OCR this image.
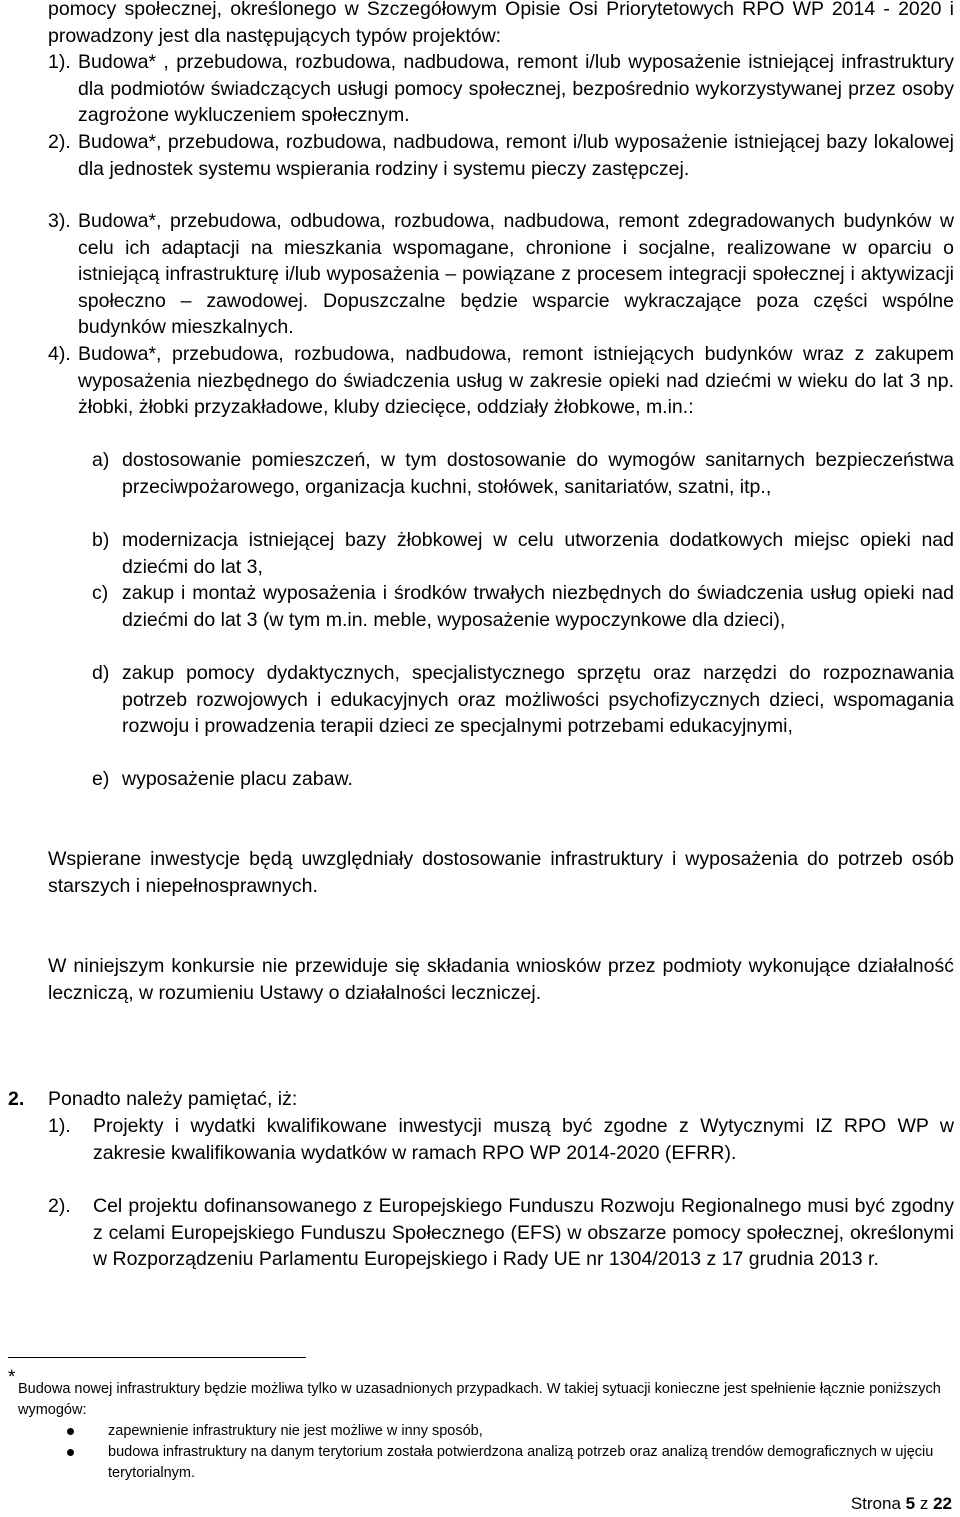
pomocy społecznej, określonego w Szczegółowym Opisie Osi Priorytetowych RPO WP 2014 - 2020 i prowadzony jest dla następujących typów projektów:
1). Budowa* , przebudowa, rozbudowa, nadbudowa, remont i/lub wyposażenie istniejącej infrastruktury dla podmiotów świadczących usługi pomocy społecznej, bezpośrednio wykorzystywanej przez osoby zagrożone wykluczeniem społecznym.
2). Budowa*, przebudowa, rozbudowa, nadbudowa, remont i/lub wyposażenie istniejącej bazy lokalowej dla jednostek systemu wspierania rodziny i systemu pieczy zastępczej.
3). Budowa*, przebudowa, odbudowa, rozbudowa, nadbudowa, remont zdegradowanych budynków w celu ich adaptacji na mieszkania wspomagane, chronione i socjalne, realizowane w oparciu o istniejącą infrastrukturę i/lub wyposażenia – powiązane z procesem integracji społecznej i aktywizacji społeczno – zawodowej. Dopuszczalne będzie wsparcie wykraczające poza części wspólne budynków mieszkalnych.
4). Budowa*, przebudowa, rozbudowa, nadbudowa, remont istniejących budynków wraz z zakupem wyposażenia niezbędnego do świadczenia usług w zakresie opieki nad dziećmi w wieku do lat 3 np. żłobki, żłobki przyzakładowe, kluby dziecięce, oddziały żłobkowe, m.in.:
a) dostosowanie pomieszczeń, w tym dostosowanie do wymogów sanitarnych bezpieczeństwa przeciwpożarowego, organizacja kuchni, stołówek, sanitariatów, szatni, itp.,
b) modernizacja istniejącej bazy żłobkowej w celu utworzenia dodatkowych miejsc opieki nad dziećmi do lat 3,
c) zakup i montaż wyposażenia i środków trwałych niezbędnych do świadczenia usług opieki nad dziećmi do lat 3 (w tym m.in. meble, wyposażenie wypoczynkowe dla dzieci),
d) zakup pomocy dydaktycznych, specjalistycznego sprzętu oraz narzędzi do rozpoznawania potrzeb rozwojowych i edukacyjnych oraz możliwości psychofizycznych dzieci, wspomagania rozwoju i prowadzenia terapii dzieci ze specjalnymi potrzebami edukacyjnymi,
e) wyposażenie placu zabaw.
Wspierane inwestycje będą uwzględniały dostosowanie infrastruktury i wyposażenia do potrzeb osób starszych i niepełnosprawnych.
W niniejszym konkursie nie przewiduje się składania wniosków przez podmioty wykonujące działalność leczniczą, w rozumieniu Ustawy o działalności leczniczej.
2. Ponadto należy pamiętać, iż:
1). Projekty i wydatki kwalifikowane inwestycji muszą być zgodne z Wytycznymi IZ RPO WP w zakresie kwalifikowania wydatków w ramach RPO WP 2014-2020 (EFRR).
2). Cel projektu dofinansowanego z Europejskiego Funduszu Rozwoju Regionalnego musi być zgodny z celami Europejskiego Funduszu Społecznego (EFS) w obszarze pomocy społecznej, określonymi w Rozporządzeniu Parlamentu Europejskiego i Rady UE nr 1304/2013 z 17 grudnia 2013 r.
*
Budowa nowej infrastruktury będzie możliwa tylko w uzasadnionych przypadkach. W takiej sytuacji konieczne jest spełnienie łącznie poniższych wymogów:
zapewnienie infrastruktury nie jest możliwe w inny sposób,
budowa infrastruktury na danym terytorium została potwierdzona analizą potrzeb oraz analizą trendów demograficznych w ujęciu terytorialnym.
Strona 5 z 22
